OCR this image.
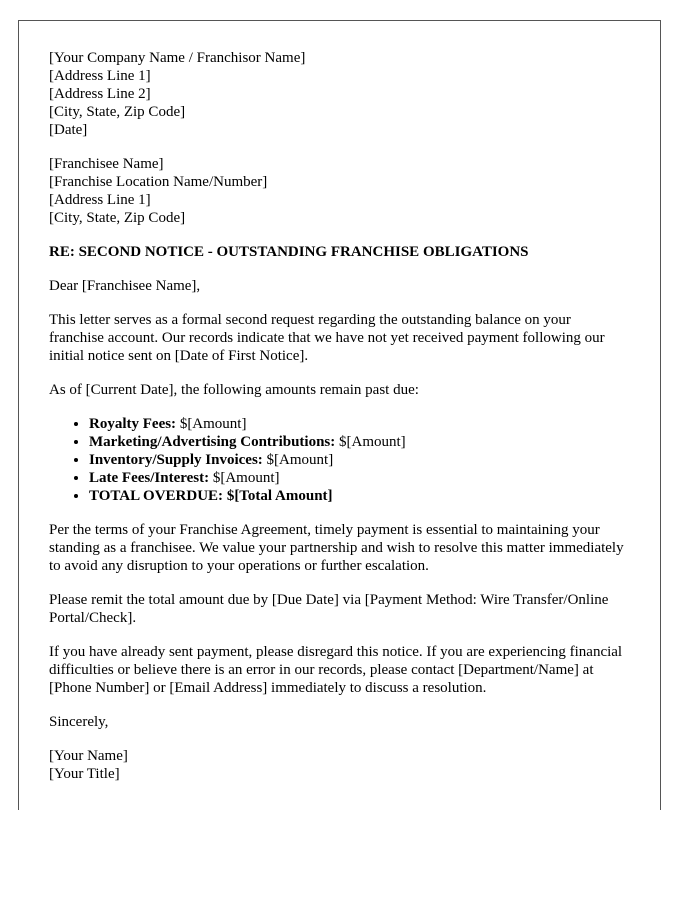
[Your Company Name / Franchisor Name]
[Address Line 1]
[Address Line 2]
[City, State, Zip Code]
[Date]
[Franchisee Name]
[Franchise Location Name/Number]
[Address Line 1]
[City, State, Zip Code]
RE: SECOND NOTICE - OUTSTANDING FRANCHISE OBLIGATIONS

Dear [Franchisee Name],

This letter serves as a formal second request regarding the outstanding balance on your franchise account. Our records indicate that we have not yet received payment following our initial notice sent on [Date of First Notice].

As of [Current Date], the following amounts remain past due:

• Royalty Fees: $[Amount]
• Marketing/Advertising Contributions: $[Amount]
• Inventory/Supply Invoices: $[Amount]
• Late Fees/Interest: $[Amount]
• TOTAL OVERDUE: $[Total Amount]

Per the terms of your Franchise Agreement, timely payment is essential to maintaining your standing as a franchisee. We value your partnership and wish to resolve this matter immediately to avoid any disruption to your operations or further escalation.

Please remit the total amount due by [Due Date] via [Payment Method: Wire Transfer/Online Portal/Check].

If you have already sent payment, please disregard this notice. If you are experiencing financial difficulties or believe there is an error in our records, please contact [Department/Name] at [Phone Number] or [Email Address] immediately to discuss a resolution.

Sincerely,

[Your Name]
[Your Title]
